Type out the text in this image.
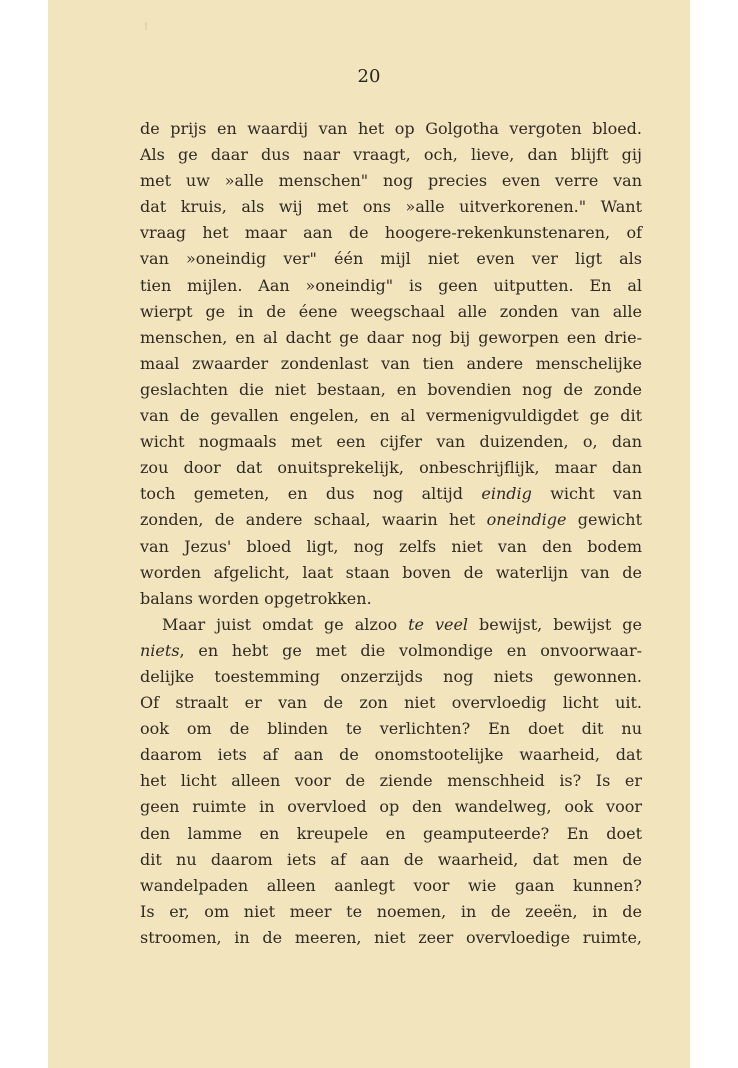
20
de prijs en waardij van het op Golgotha vergoten bloed.
Als ge daar dus naar vraagt, och, lieve, dan blijft gij
met uw »alle menschen" nog precies even verre van
dat kruis, als wij met ons »alle uitverkorenen." Want
vraag het maar aan de hoogere-rekenkunstenaren, of
van »oneindig ver" één mijl niet even ver ligt als
tien mijlen. Aan »oneindig" is geen uitputten. En al
wierpt ge in de éene weegschaal alle zonden van alle
menschen, en al dacht ge daar nog bij geworpen een drie-
maal zwaarder zondenlast van tien andere menschelijke
geslachten die niet bestaan, en bovendien nog de zonde
van de gevallen engelen, en al vermenigvuldigdet ge dit
wicht nogmaals met een cijfer van duizenden, o, dan
zou door dat onuitsprekelijk, onbeschrijflijk, maar dan
toch gemeten, en dus nog altijd eindig wicht van
zonden, de andere schaal, waarin het oneindige gewicht
van Jezus' bloed ligt, nog zelfs niet van den bodem
worden afgelicht, laat staan boven de waterlijn van de
balans worden opgetrokken.
Maar juist omdat ge alzoo te veel bewijst, bewijst ge
niets, en hebt ge met die volmondige en onvoorwaar-
delijke toestemming onzerzijds nog niets gewonnen.
Of straalt er van de zon niet overvloedig licht uit.
ook om de blinden te verlichten? En doet dit nu
daarom iets af aan de onomstootelijke waarheid, dat
het licht alleen voor de ziende menschheid is? Is er
geen ruimte in overvloed op den wandelweg, ook voor
den lamme en kreupele en geamputeerde? En doet
dit nu daarom iets af aan de waarheid, dat men de
wandelpaden alleen aanlegt voor wie gaan kunnen?
Is er, om niet meer te noemen, in de zeeën, in de
stroomen, in de meeren, niet zeer overvloedige ruimte,
